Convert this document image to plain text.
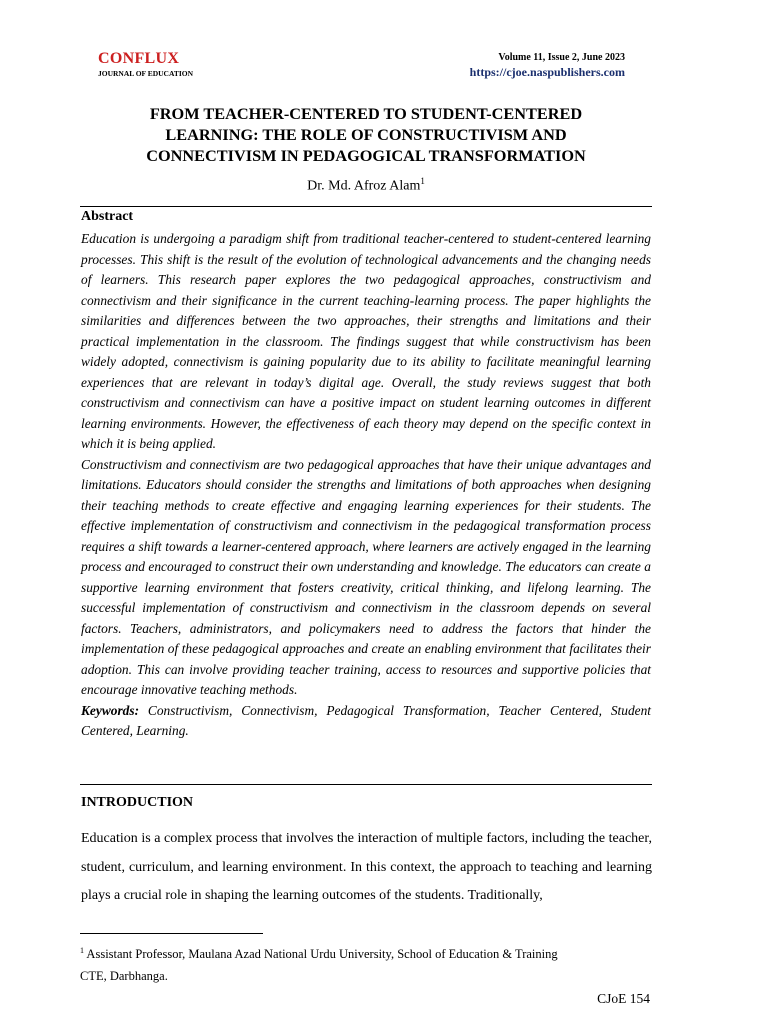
CONFLUX
JOURNAL OF EDUCATION
Volume 11, Issue 2, June 2023
https://cjoe.naspublishers.com
FROM TEACHER-CENTERED TO STUDENT-CENTERED
LEARNING: THE ROLE OF CONSTRUCTIVISM AND
CONNECTIVISM IN PEDAGOGICAL TRANSFORMATION
Dr. Md. Afroz Alam$^1$
Abstract

Education is undergoing a paradigm shift from traditional teacher-centered to student-centered learning processes. This shift is the result of the evolution of technological advancements and the changing needs of learners. This research paper explores the two pedagogical approaches, constructivism and connectivism and their significance in the current teaching-learning process. The paper highlights the similarities and differences between the two approaches, their strengths and limitations and their practical implementation in the classroom. The findings suggest that while constructivism has been widely adopted, connectivism is gaining popularity due to its ability to facilitate meaningful learning experiences that are relevant in today’s digital age. Overall, the study reviews suggest that both constructivism and connectivism can have a positive impact on student learning outcomes in different learning environments. However, the effectiveness of each theory may depend on the specific context in which it is being applied.

Constructivism and connectivism are two pedagogical approaches that have their unique advantages and limitations. Educators should consider the strengths and limitations of both approaches when designing their teaching methods to create effective and engaging learning experiences for their students. The effective implementation of constructivism and connectivism in the pedagogical transformation process requires a shift towards a learner-centered approach, where learners are actively engaged in the learning process and encouraged to construct their own understanding and knowledge. The educators can create a supportive learning environment that fosters creativity, critical thinking, and lifelong learning. The successful implementation of constructivism and connectivism in the classroom depends on several factors. Teachers, administrators, and policymakers need to address the factors that hinder the implementation of these pedagogical approaches and create an enabling environment that facilitates their adoption. This can involve providing teacher training, access to resources and supportive policies that encourage innovative teaching methods.

Keywords: Constructivism, Connectivism, Pedagogical Transformation, Teacher Centered, Student Centered, Learning.

INTRODUCTION

Education is a complex process that involves the interaction of multiple factors, including the teacher, student, curriculum, and learning environment. In this context, the approach to teaching and learning plays a crucial role in shaping the learning outcomes of the students. Traditionally,

$^1$ Assistant Professor, Maulana Azad National Urdu University, School of Education & Training
CTE, Darbhanga.
CJoE 154
